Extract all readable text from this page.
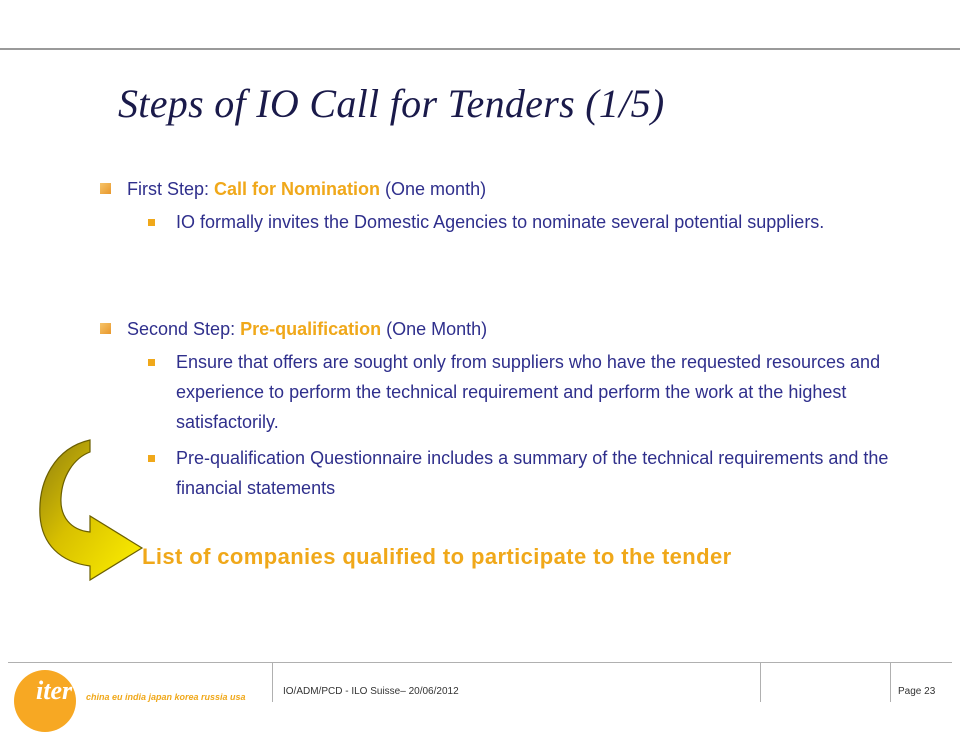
Steps of IO Call for Tenders (1/5)
First Step: Call for Nomination (One month)
IO formally invites the Domestic Agencies to nominate several potential suppliers.
Second Step: Pre-qualification (One Month)
Ensure that offers are sought only from suppliers who have the requested resources and experience to perform the technical requirement and perform the work at the highest satisfactorily.
Pre-qualification Questionnaire includes a summary of the technical requirements and the financial statements
List of companies qualified to participate to the tender
iter china eu india japan korea russia usa	IO/ADM/PCD - ILO Suisse– 20/06/2012	Page 23
